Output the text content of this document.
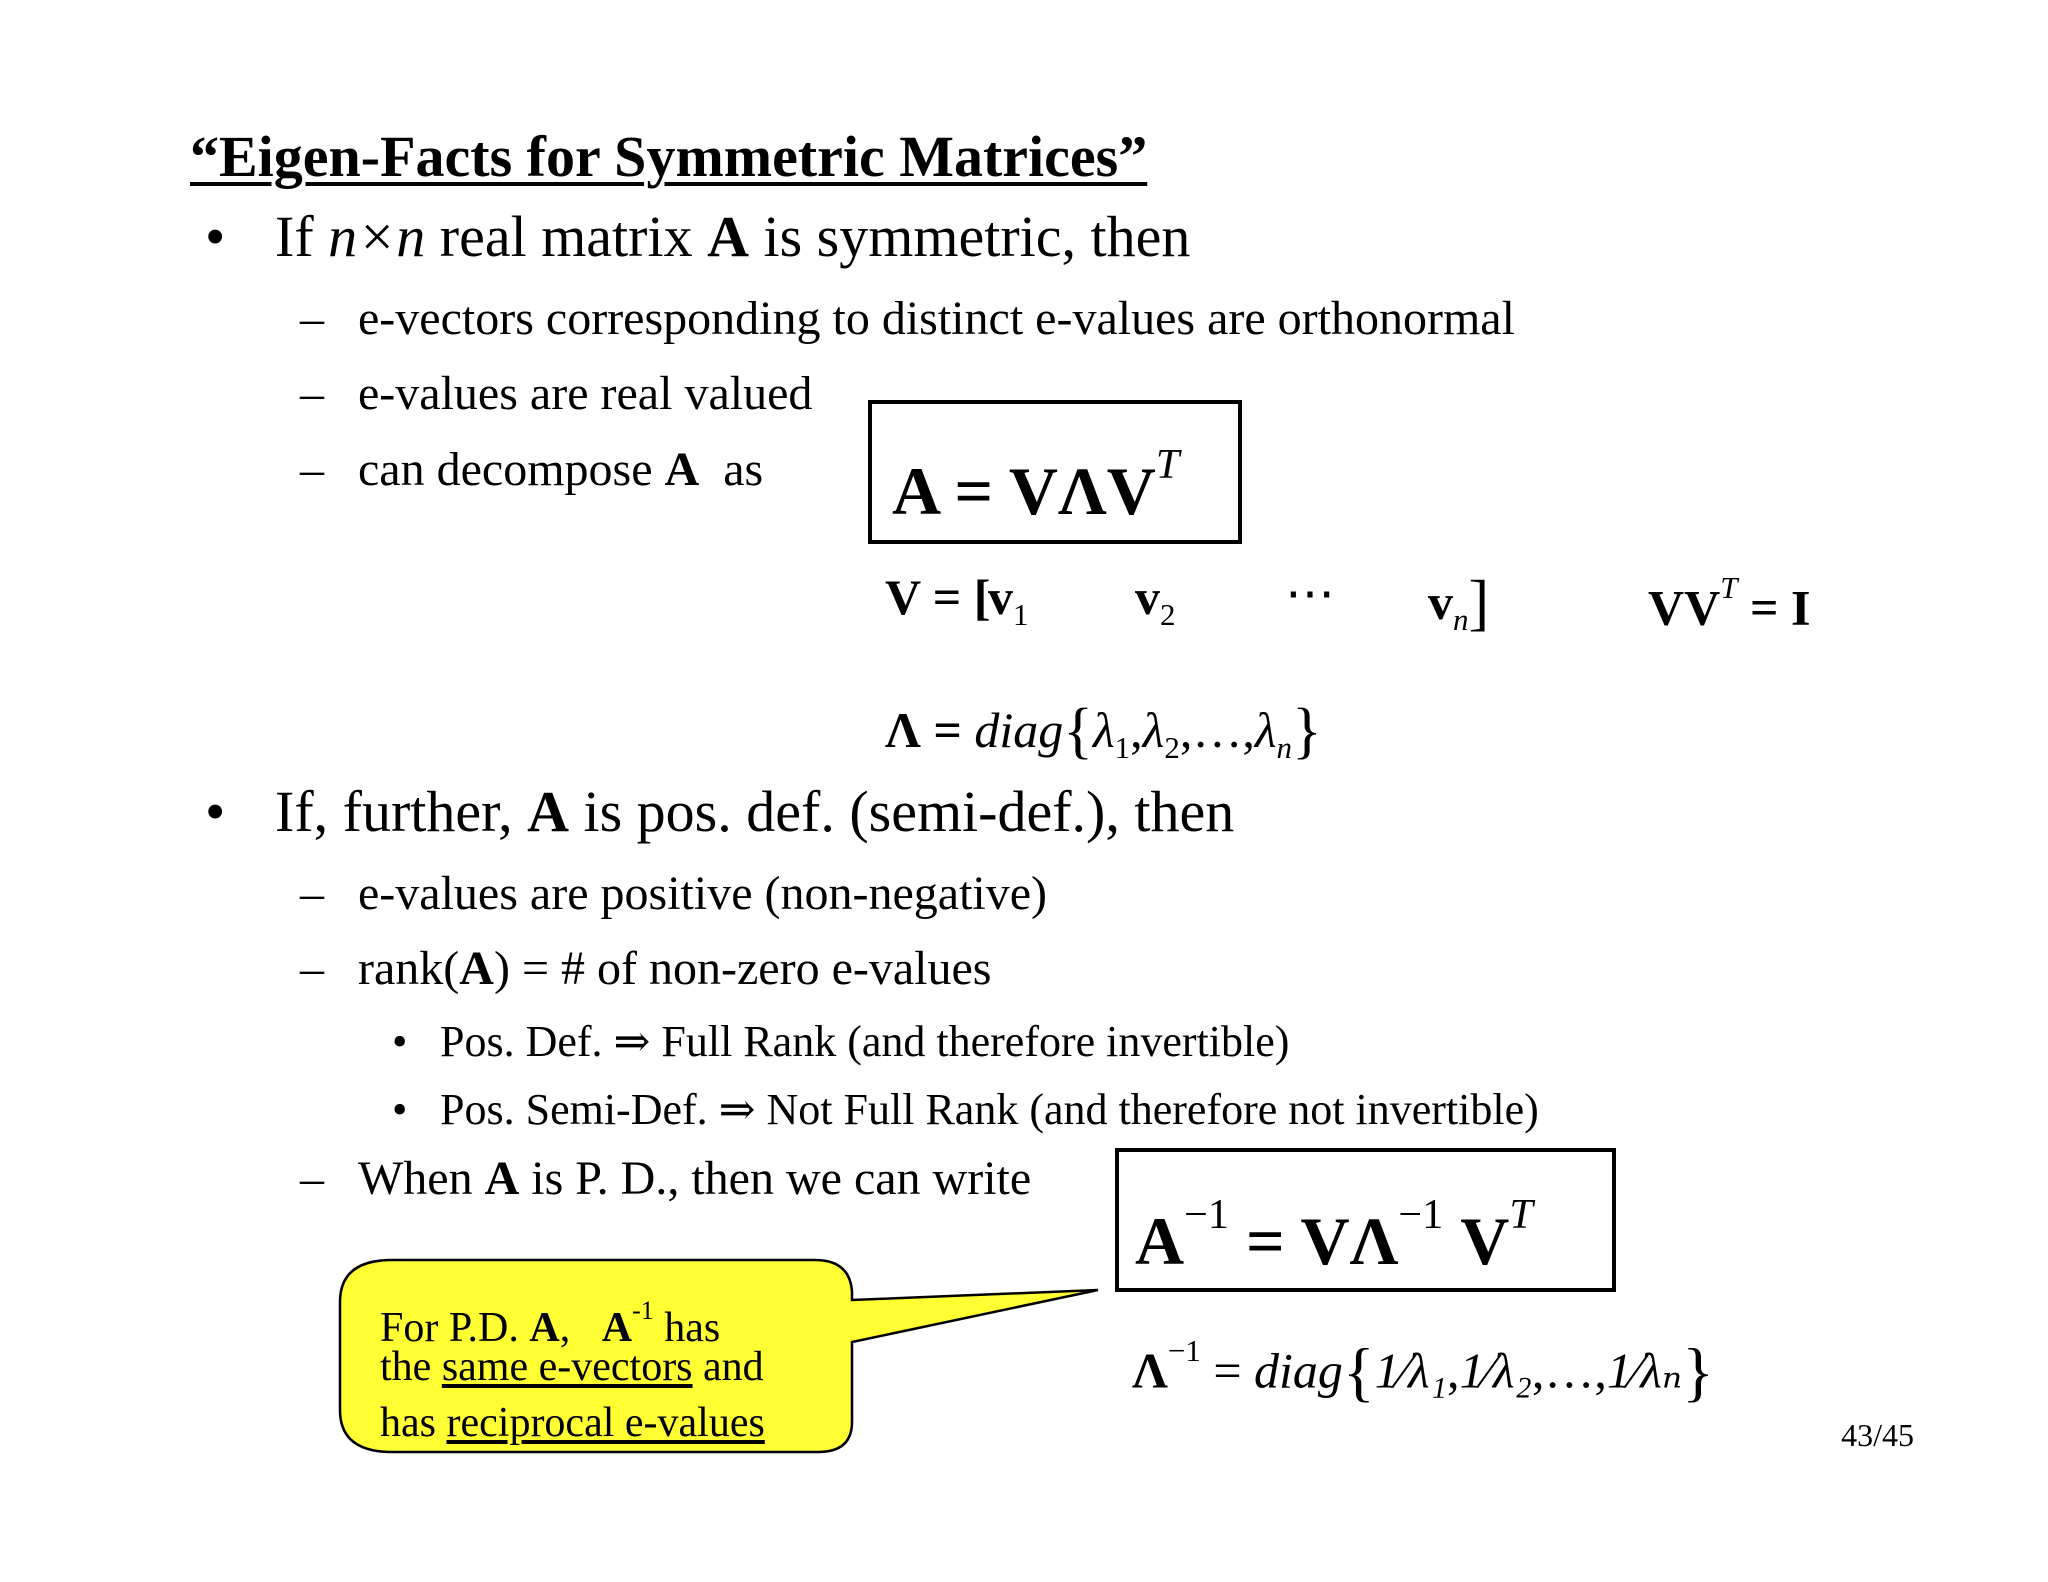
“Eigen-Facts for Symmetric Matrices”
• If n×n real matrix A is symmetric, then
– e-vectors corresponding to distinct e-values are orthonormal
– e-values are real valued
– can decompose A  as $A = V\Lambda V^T$
V = [
$v_1$ $v_2$ ⋯ $v_n$]	$VV^T = I$
$\Lambda = diag\{\lambda_1,\lambda_2,\dots,\lambda_n\}$
• If, further, A is pos. def. (semi-def.), then
– e-values are positive (non-negative)
– rank(A) = # of non-zero e-values
• Pos. Def. ⇒ Full Rank (and therefore invertible)
• Pos. Semi-Def. ⇒ Not Full Rank (and therefore not invertible)
– When A is P. D., then we can write
$A^{-1} = V\Lambda^{-1}$ $V^T$
$\Lambda^{-1}$ = diag{1⁄λ₁,1⁄λ₂,…,1⁄λₙ}
For P.D. A,   $A^{-1}$ has
the same e-vectors and
has reciprocal e-values	43/45
